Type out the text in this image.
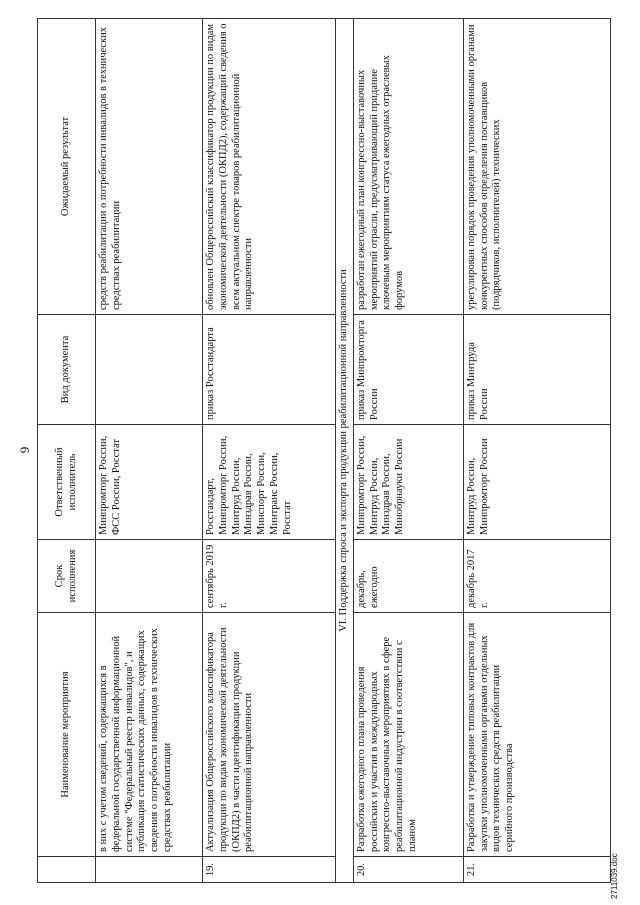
9
	Наименование мероприятия	Срок исполнения	Ответственный исполнитель	Вид документа	Ожидаемый результат
	в них с учетом сведений, содержащихся в федеральной государственной информационной системе "Федеральный реестр инвалидов", и публикация статистических данных, содержащих сведения о потребности инвалидов в технических средствах реабилитации		Минпромторг России, ФСС России, Росстат		средств реабилитации о потребности инвалидов в технических средствах реабилитации
19.	Актуализация Общероссийского классификатора продукции по видам экономической деятельности (ОКПД2) в части идентификации продукции реабилитационной направленности	сентябрь 2019 г.	Росстандарт, Минпромторг России, Минтруд России, Минздрав России, Минспорт России, Минтранс России, Росстат	приказ Росстандарта	обновлен Общероссийский классификатор продукции по видам экономической деятельности (ОКПД2), содержащий сведения о всем актуальном спектре товаров реабилитационной направленности
VI. Поддержка спроса и экспорта продукции реабилитационной направленности					
20.	Разработка ежегодного плана проведения российских и участия в международных конгрессно-выставочных мероприятиях в сфере реабилитационной индустрии в соответствии с планом	декабрь, ежегодно	Минпромторг России, Минтруд России, Минздрав России, Минобрнауки России	приказ Минпромторга России	разработан ежегодный план конгрессно-выставочных мероприятий отрасли, предусматривающий придание ключевым мероприятиям статуса ежегодных отраслевых форумов
21.	Разработка и утверждение типовых контрактов для закупки уполномоченными органами отдельных видов технических средств реабилитации серийного производства	декабрь 2017 г.	Минтруд России, Минпромторг России	приказ Минтруда России	урегулирован порядок проведения уполномоченными органами конкурентных способов определения поставщиков (подрядчиков, исполнителей) технических
2711039.doc
